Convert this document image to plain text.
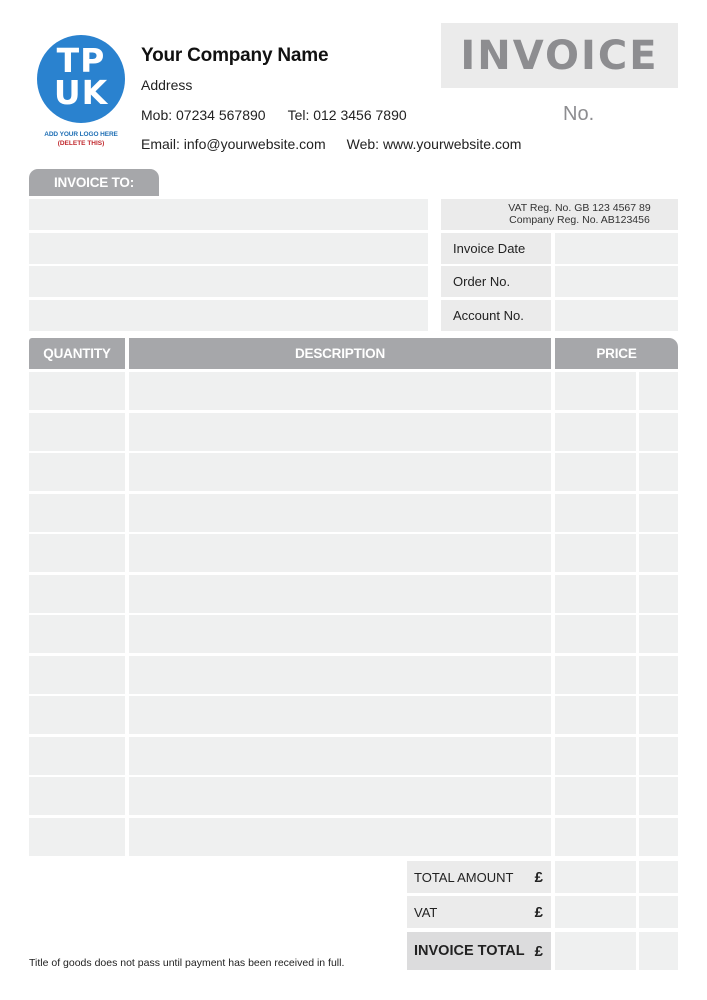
TP
UK
ADD YOUR LOGO HERE
(DELETE THIS)
Your Company Name
Address
Mob: 07234 567890 Tel: 012 3456 7890
Email: info@yourwebsite.com Web: www.yourwebsite.com
INVOICE
No.
INVOICE TO:
VAT Reg. No. GB 123 4567 89
Company Reg. No. AB123456
Invoice Date
Order No.
Account No.
QUANTITY	DESCRIPTION	PRICE
TOTAL AMOUNT £
VAT	£
INVOICE TOTAL £
Title of goods does not pass until payment has been received in full.
